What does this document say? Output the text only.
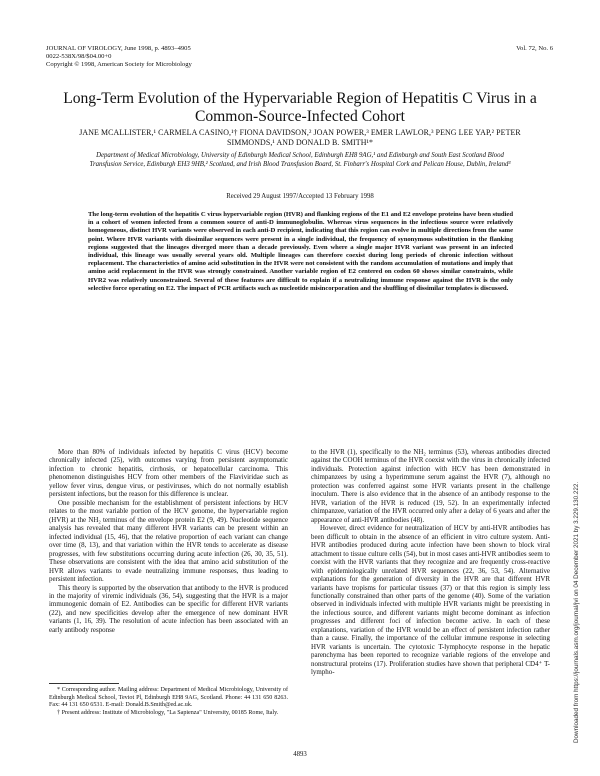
JOURNAL OF VIROLOGY, June 1998, p. 4893–4905
0022-538X/98/$04.00+0
Copyright © 1998, American Society for Microbiology
Vol. 72, No. 6
Long-Term Evolution of the Hypervariable Region of Hepatitis C Virus in a Common-Source-Infected Cohort
JANE MCALLISTER,¹ CARMELA CASINO,¹† FIONA DAVIDSON,² JOAN POWER,³ EMER LAWLOR,³ PENG LEE YAP,² PETER SIMMONDS,¹ AND DONALD B. SMITH¹*
Department of Medical Microbiology, University of Edinburgh Medical School, Edinburgh EH8 9AG,¹ and Edinburgh and South East Scotland Blood Transfusion Service, Edinburgh EH3 9HB,² Scotland, and Irish Blood Transfusion Board, St. Finbarr's Hospital Cork and Pelican House, Dublin, Ireland³
Received 29 August 1997/Accepted 13 February 1998
The long-term evolution of the hepatitis C virus hypervariable region (HVR) and flanking regions of the E1 and E2 envelope proteins have been studied in a cohort of women infected from a common source of anti-D immunoglobulin. Whereas virus sequences in the infectious source were relatively homogeneous, distinct HVR variants were observed in each anti-D recipient, indicating that this region can evolve in multiple directions from the same point. Where HVR variants with dissimilar sequences were present in a single individual, the frequency of synonymous substitution in the flanking regions suggested that the lineages diverged more than a decade previously. Even where a single major HVR variant was present in an infected individual, this lineage was usually several years old. Multiple lineages can therefore coexist during long periods of chronic infection without replacement. The characteristics of amino acid substitution in the HVR were not consistent with the random accumulation of mutations and imply that amino acid replacement in the HVR was strongly constrained. Another variable region of E2 centered on codon 60 shows similar constraints, while HVR2 was relatively unconstrained. Several of these features are difficult to explain if a neutralizing immune response against the HVR is the only selective force operating on E2. The impact of PCR artifacts such as nucleotide misincorporation and the shuffling of dissimilar templates is discussed.

More than 80% of individuals infected by hepatitis C virus (HCV) become chronically infected (25), with outcomes varying from persistent asymptomatic infection to chronic hepatitis, cirrhosis, or hepatocellular carcinoma. This phenomenon distinguishes HCV from other members of the Flaviviridae such as yellow fever virus, dengue virus, or pestiviruses, which do not normally establish persistent infections, but the reason for this difference is unclear.

One possible mechanism for the establishment of persistent infections by HCV relates to the most variable portion of the HCV genome, the hypervariable region (HVR) at the NH₂ terminus of the envelope protein E2 (9, 49). Nucleotide sequence analysis has revealed that many different HVR variants can be present within an infected individual (15, 46), that the relative proportion of each variant can change over time (8, 13), and that variation within the HVR tends to accelerate as disease progresses, with few substitutions occurring during acute infection (26, 30, 35, 51). These observations are consistent with the idea that amino acid substitution of the HVR allows variants to evade neutralizing immune responses, thus leading to persistent infection.

This theory is supported by the observation that antibody to the HVR is produced in the majority of viremic individuals (36, 54), suggesting that the HVR is a major immunogenic domain of E2. Antibodies can be specific for different HVR variants (22), and new specificities develop after the emergence of new dominant HVR variants (1, 16, 39). The resolution of acute infection has been associated with an early antibody response

to the HVR (1), specifically to the NH₂ terminus (53), whereas antibodies directed against the COOH terminus of the HVR coexist with the virus in chronically infected individuals. Protection against infection with HCV has been demonstrated in chimpanzees by using a hyperimmune serum against the HVR (7), although no protection was conferred against some HVR variants present in the challenge inoculum. There is also evidence that in the absence of an antibody response to the HVR, variation of the HVR is reduced (19, 52). In an experimentally infected chimpanzee, variation of the HVR occurred only after a delay of 6 years and after the appearance of anti-HVR antibodies (48).

However, direct evidence for neutralization of HCV by anti-HVR antibodies has been difficult to obtain in the absence of an efficient in vitro culture system. Anti-HVR antibodies produced during acute infection have been shown to block viral attachment to tissue culture cells (54), but in most cases anti-HVR antibodies seem to coexist with the HVR variants that they recognize and are frequently cross-reactive with epidemiologically unrelated HVR sequences (22, 36, 53, 54). Alternative explanations for the generation of diversity in the HVR are that different HVR variants have tropisms for particular tissues (37) or that this region is simply less functionally constrained than other parts of the genome (40). Some of the variation observed in individuals infected with multiple HVR variants might be preexisting in the infectious source, and different variants might become dominant as infection progresses and different foci of infection become active. In each of these explanations, variation of the HVR would be an effect of persistent infection rather than a cause. Finally, the importance of the cellular immune response in selecting HVR variants is uncertain. The cytotoxic T-lymphocyte response in the hepatic parenchyma has been reported to recognize variable regions of the envelope and nonstructural proteins (17). Proliferation studies have shown that peripheral CD4⁺ T-lympho-

* Corresponding author. Mailing address: Department of Medical Microbiology, University of Edinburgh Medical School, Teviot Pl, Edinburgh EH8 9AG, Scotland. Phone: 44 131 650 8263. Fax: 44 131 650 6531. E-mail: Donald.B.Smith@ed.ac.uk.

† Present address: Institute of Microbiology, "La Sapienza" University, 00185 Rome, Italy.

4893
Downloaded from https://journals.asm.org/journal/jvi on 04 December 2021 by 3.229.130.222.
